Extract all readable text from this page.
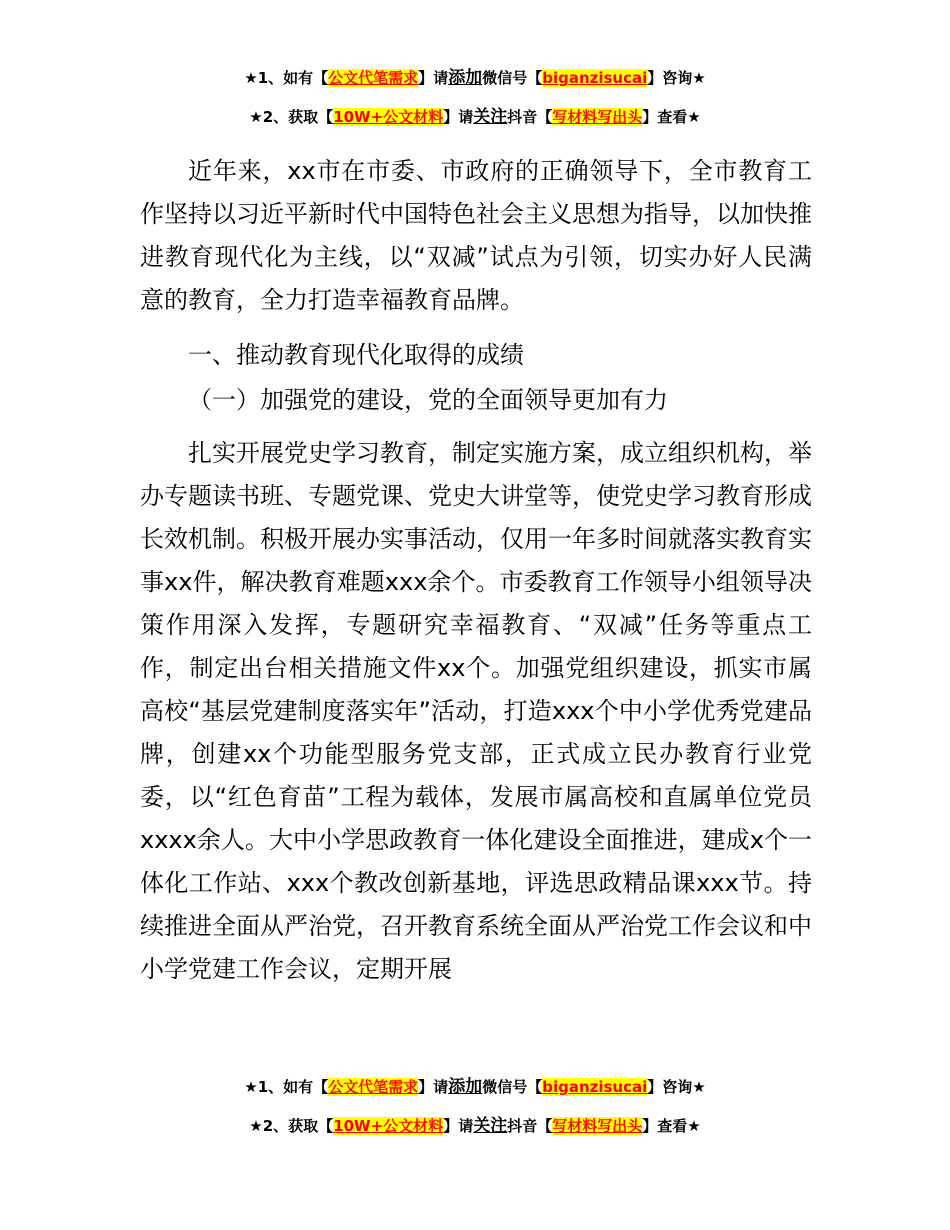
★1、如有【公文代笔需求】请添加微信号【biganzisucai】咨询★
★2、获取【10W+公文材料】请关注抖音【写材料写出头】查看★

近年来，xx市在市委、市政府的正确领导下，全市教育工作坚持以习近平新时代中国特色社会主义思想为指导，以加快推进教育现代化为主线，以“双减”试点为引领，切实办好人民满意的教育，全力打造幸福教育品牌。

一、推动教育现代化取得的成绩

（一）加强党的建设，党的全面领导更加有力

扎实开展党史学习教育，制定实施方案，成立组织机构，举办专题读书班、专题党课、党史大讲堂等，使党史学习教育形成长效机制。积极开展办实事活动，仅用一年多时间就落实教育实事xx件，解决教育难题xxx余个。市委教育工作领导小组领导决策作用深入发挥，专题研究幸福教育、“双减”任务等重点工作，制定出台相关措施文件xx个。加强党组织建设，抓实市属高校“基层党建制度落实年”活动，打造xxx个中小学优秀党建品牌，创建xx个功能型服务党支部，正式成立民办教育行业党委，以“红色育苗”工程为载体，发展市属高校和直属单位党员xxxx余人。大中小学思政教育一体化建设全面推进，建成x个一体化工作站、xxx个教改创新基地，评选思政精品课xxx节。持续推进全面从严治党，召开教育系统全面从严治党工作会议和中小学党建工作会议，定期开展

★1、如有【公文代笔需求】请添加微信号【biganzisucai】咨询★
★2、获取【10W+公文材料】请关注抖音【写材料写出头】查看★
